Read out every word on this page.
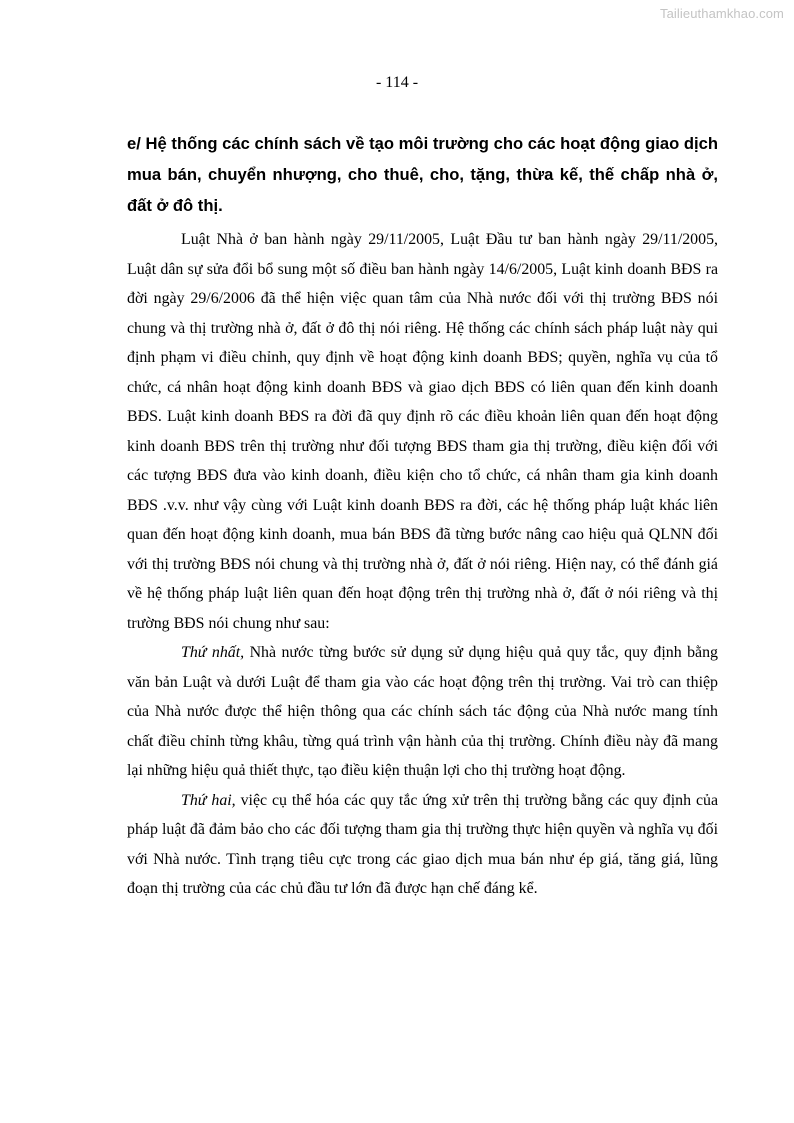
Tailieuthamkhao.com
- 114 -

e/ Hệ thống các chính sách về tạo môi trường cho các hoạt động giao dịch mua bán, chuyển nhượng, cho thuê, cho, tặng, thừa kế, thế chấp nhà ở, đất ở đô thị.

Luật Nhà ở ban hành ngày 29/11/2005, Luật Đầu tư ban hành ngày 29/11/2005, Luật dân sự sửa đổi bổ sung một số điều ban hành ngày 14/6/2005, Luật kinh doanh BĐS ra đời ngày 29/6/2006 đã thể hiện việc quan tâm của Nhà nước đối với thị trường BĐS nói chung và thị trường nhà ở, đất ở đô thị nói riêng. Hệ thống các chính sách pháp luật này qui định phạm vi điều chỉnh, quy định về hoạt động kinh doanh BĐS; quyền, nghĩa vụ của tổ chức, cá nhân hoạt động kinh doanh BĐS và giao dịch BĐS có liên quan đến kinh doanh BĐS. Luật kinh doanh BĐS ra đời đã quy định rõ các điều khoản liên quan đến hoạt động kinh doanh BĐS trên thị trường như đối tượng BĐS tham gia thị trường, điều kiện đối với các tượng BĐS đưa vào kinh doanh, điều kiện cho tổ chức, cá nhân tham gia kinh doanh BĐS .v.v. như vậy cùng với Luật kinh doanh BĐS ra đời, các hệ thống pháp luật khác liên quan đến hoạt động kinh doanh, mua bán BĐS đã từng bước nâng cao hiệu quả QLNN đối với thị trường BĐS nói chung và thị trường nhà ở, đất ở nói riêng. Hiện nay, có thể đánh giá về hệ thống pháp luật liên quan đến hoạt động trên thị trường nhà ở, đất ở nói riêng và thị trường BĐS nói chung như sau:

Thứ nhất, Nhà nước từng bước sử dụng sử dụng hiệu quả quy tắc, quy định bằng văn bản Luật và dưới Luật để tham gia vào các hoạt động trên thị trường. Vai trò can thiệp của Nhà nước được thể hiện thông qua các chính sách tác động của Nhà nước mang tính chất điều chỉnh từng khâu, từng quá trình vận hành của thị trường. Chính điều này đã mang lại những hiệu quả thiết thực, tạo điều kiện thuận lợi cho thị trường hoạt động.

Thứ hai, việc cụ thể hóa các quy tắc ứng xử trên thị trường bằng các quy định của pháp luật đã đảm bảo cho các đối tượng tham gia thị trường thực hiện quyền và nghĩa vụ đối với Nhà nước. Tình trạng tiêu cực trong các giao dịch mua bán như ép giá, tăng giá, lũng đoạn thị trường của các chủ đầu tư lớn đã được hạn chế đáng kể.
